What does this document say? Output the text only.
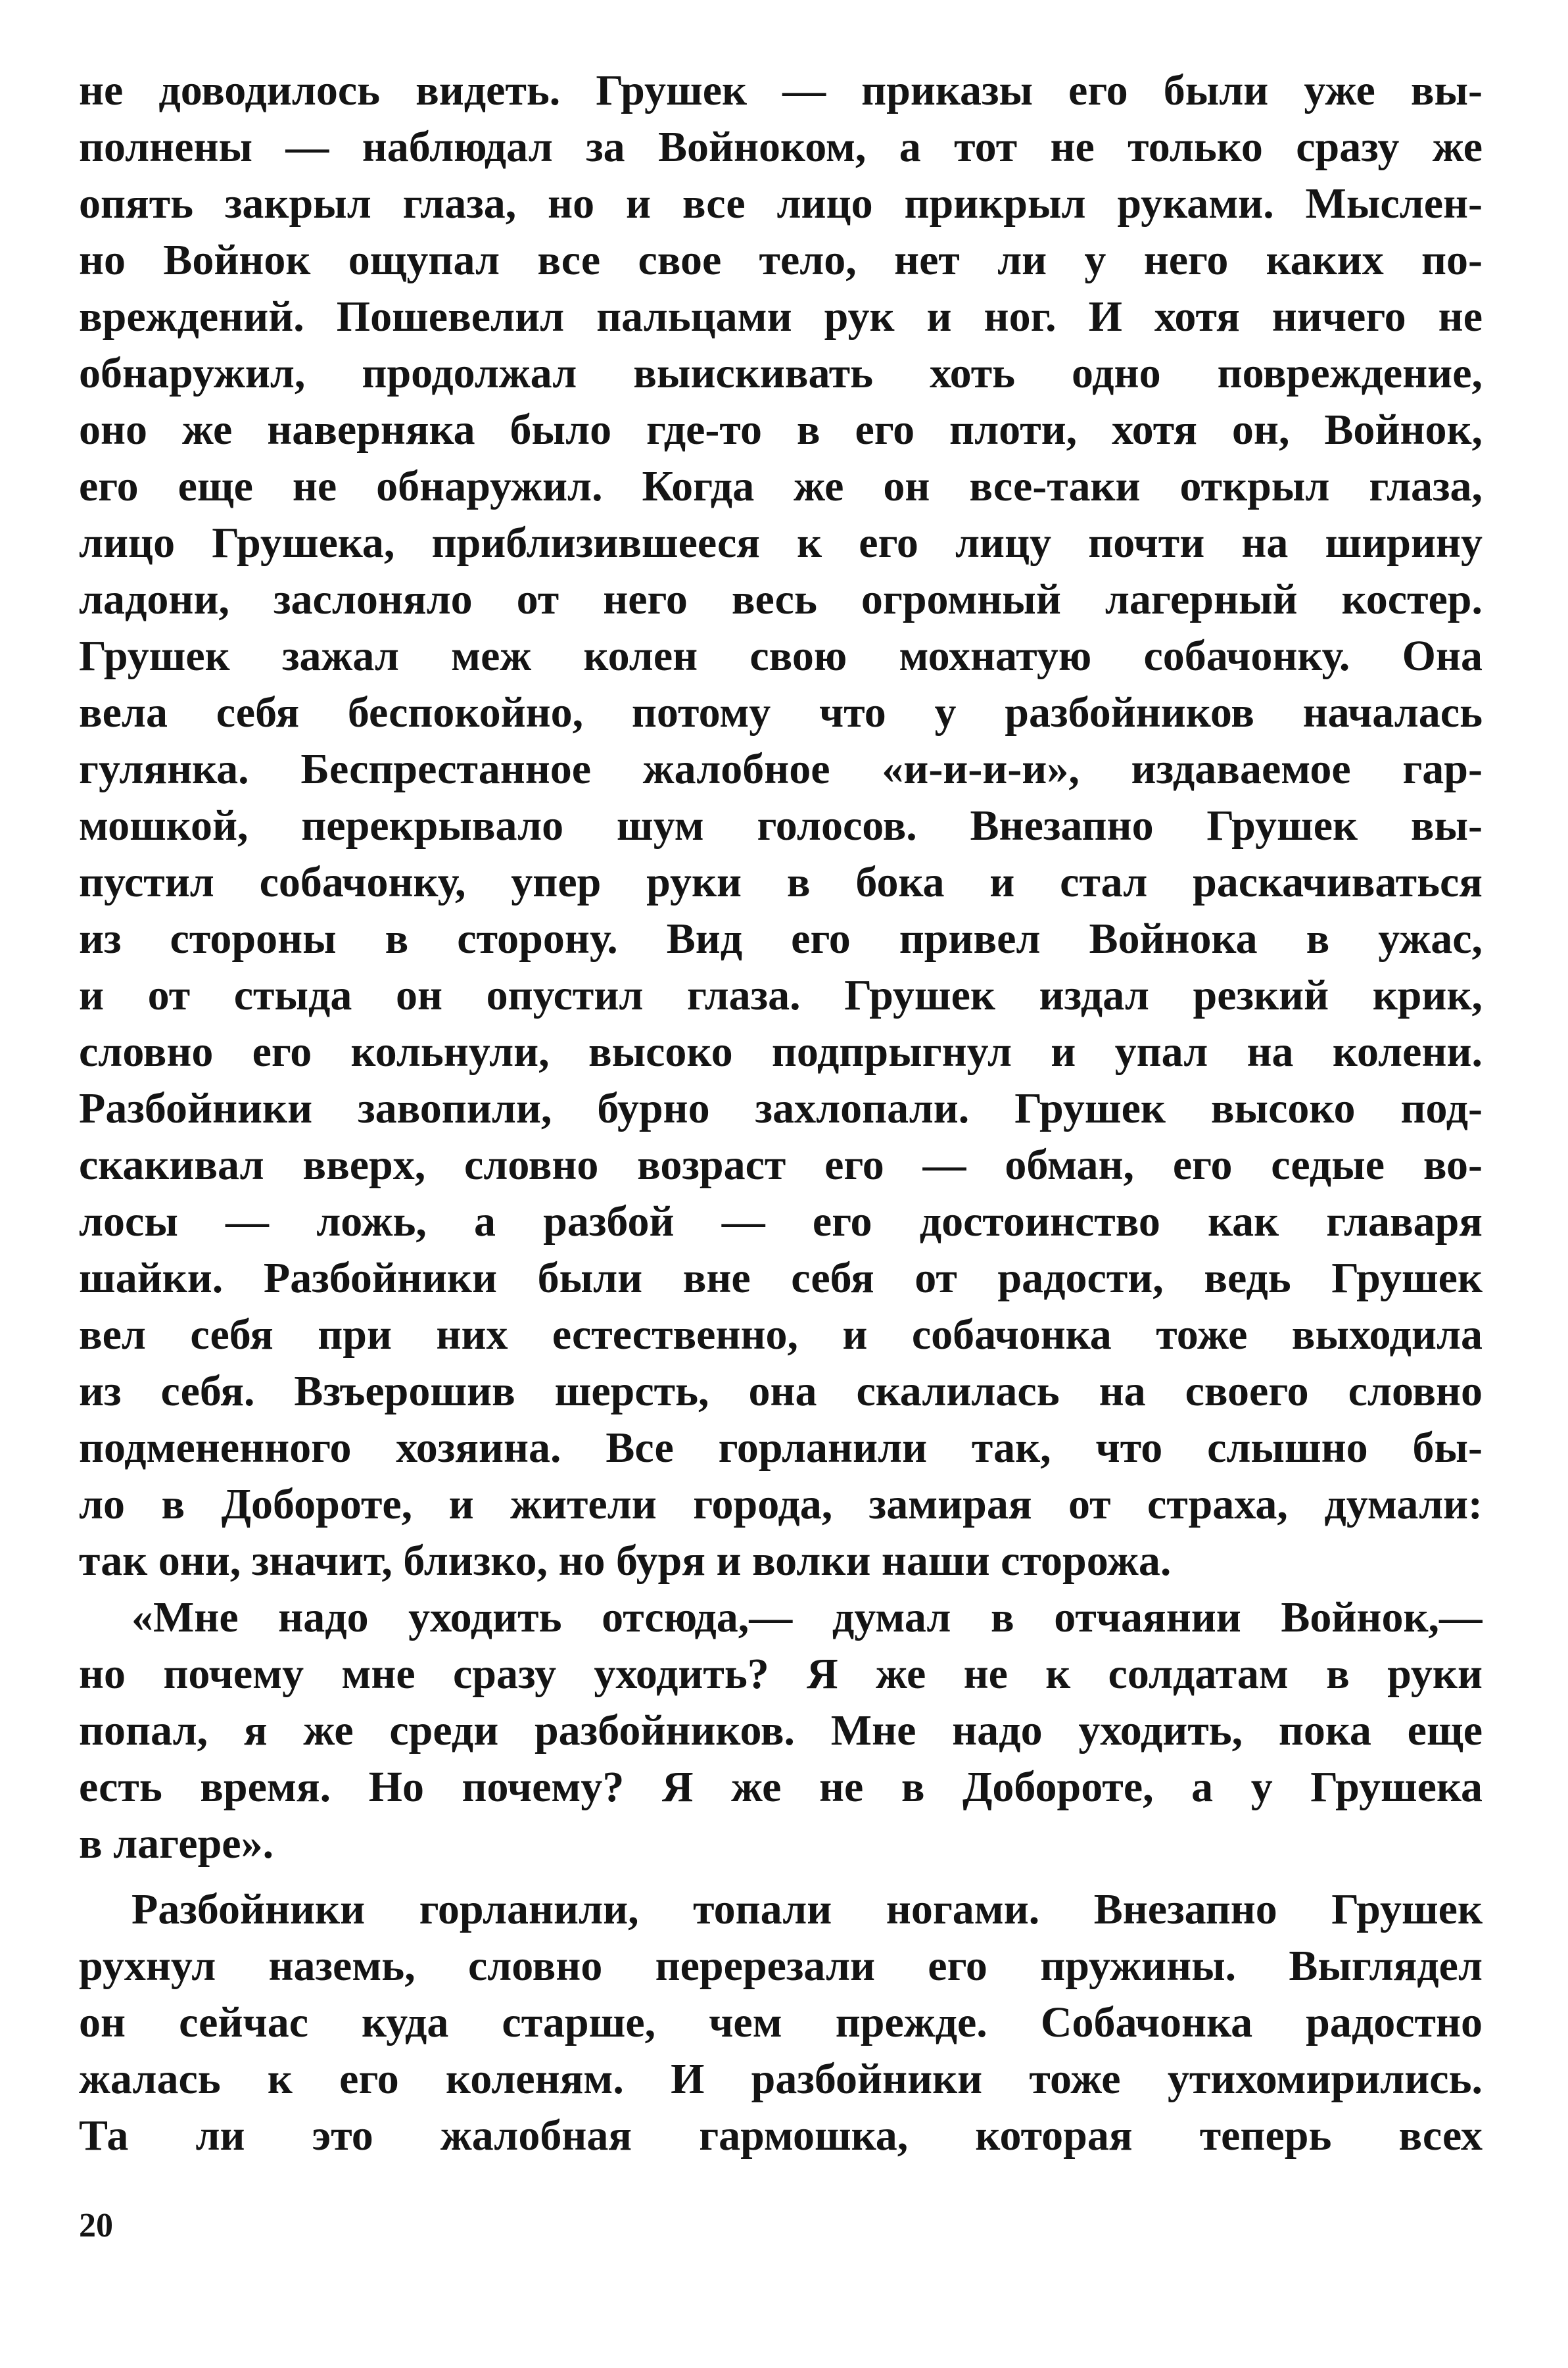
не доводилось видеть. Грушек — приказы его были уже вы-
полнены — наблюдал за Войноком, а тот не только сразу же
опять закрыл глаза, но и все лицо прикрыл руками. Мыслен-
но Войнок ощупал все свое тело, нет ли у него каких по-
вреждений. Пошевелил пальцами рук и ног. И хотя ничего не
обнаружил, продолжал выискивать хоть одно повреждение,
оно же наверняка было где-то в его плоти, хотя он, Войнок,
его еще не обнаружил. Когда же он все-таки открыл глаза,
лицо Грушека, приблизившееся к его лицу почти на ширину
ладони, заслоняло от него весь огромный лагерный костер.
Грушек зажал меж колен свою мохнатую собачонку. Она
вела себя беспокойно, потому что у разбойников началась
гулянка. Беспрестанное жалобное «и-и-и-и», издаваемое гар-
мошкой, перекрывало шум голосов. Внезапно Грушек вы-
пустил собачонку, упер руки в бока и стал раскачиваться
из стороны в сторону. Вид его привел Войнока в ужас,
и от стыда он опустил глаза. Грушек издал резкий крик,
словно его кольнули, высоко подпрыгнул и упал на колени.
Разбойники завопили, бурно захлопали. Грушек высоко под-
скакивал вверх, словно возраст его — обман, его седые во-
лосы — ложь, а разбой — его достоинство как главаря
шайки. Разбойники были вне себя от радости, ведь Грушек
вел себя при них естественно, и собачонка тоже выходила
из себя. Взъерошив шерсть, она скалилась на своего словно
подмененного хозяина. Все горланили так, что слышно бы-
ло в Доборотe, и жители города, замирая от страха, думали:
так они, значит, близко, но буря и волки наши сторожа.
«Мне надо уходить отсюда,— думал в отчаянии Войнок,—
но почему мне сразу уходить? Я же не к солдатам в руки
попал, я же среди разбойников. Мне надо уходить, пока еще
есть время. Но почему? Я же не в Доборотe, а у Грушека
в лагере».
Разбойники горланили, топали ногами. Внезапно Грушек
рухнул наземь, словно перерезали его пружины. Выглядел
он сейчас куда старше, чем прежде. Собачонка радостно
жалась к его коленям. И разбойники тоже утихомирились.
Та ли это жалобная гармошка, которая теперь всех
20
